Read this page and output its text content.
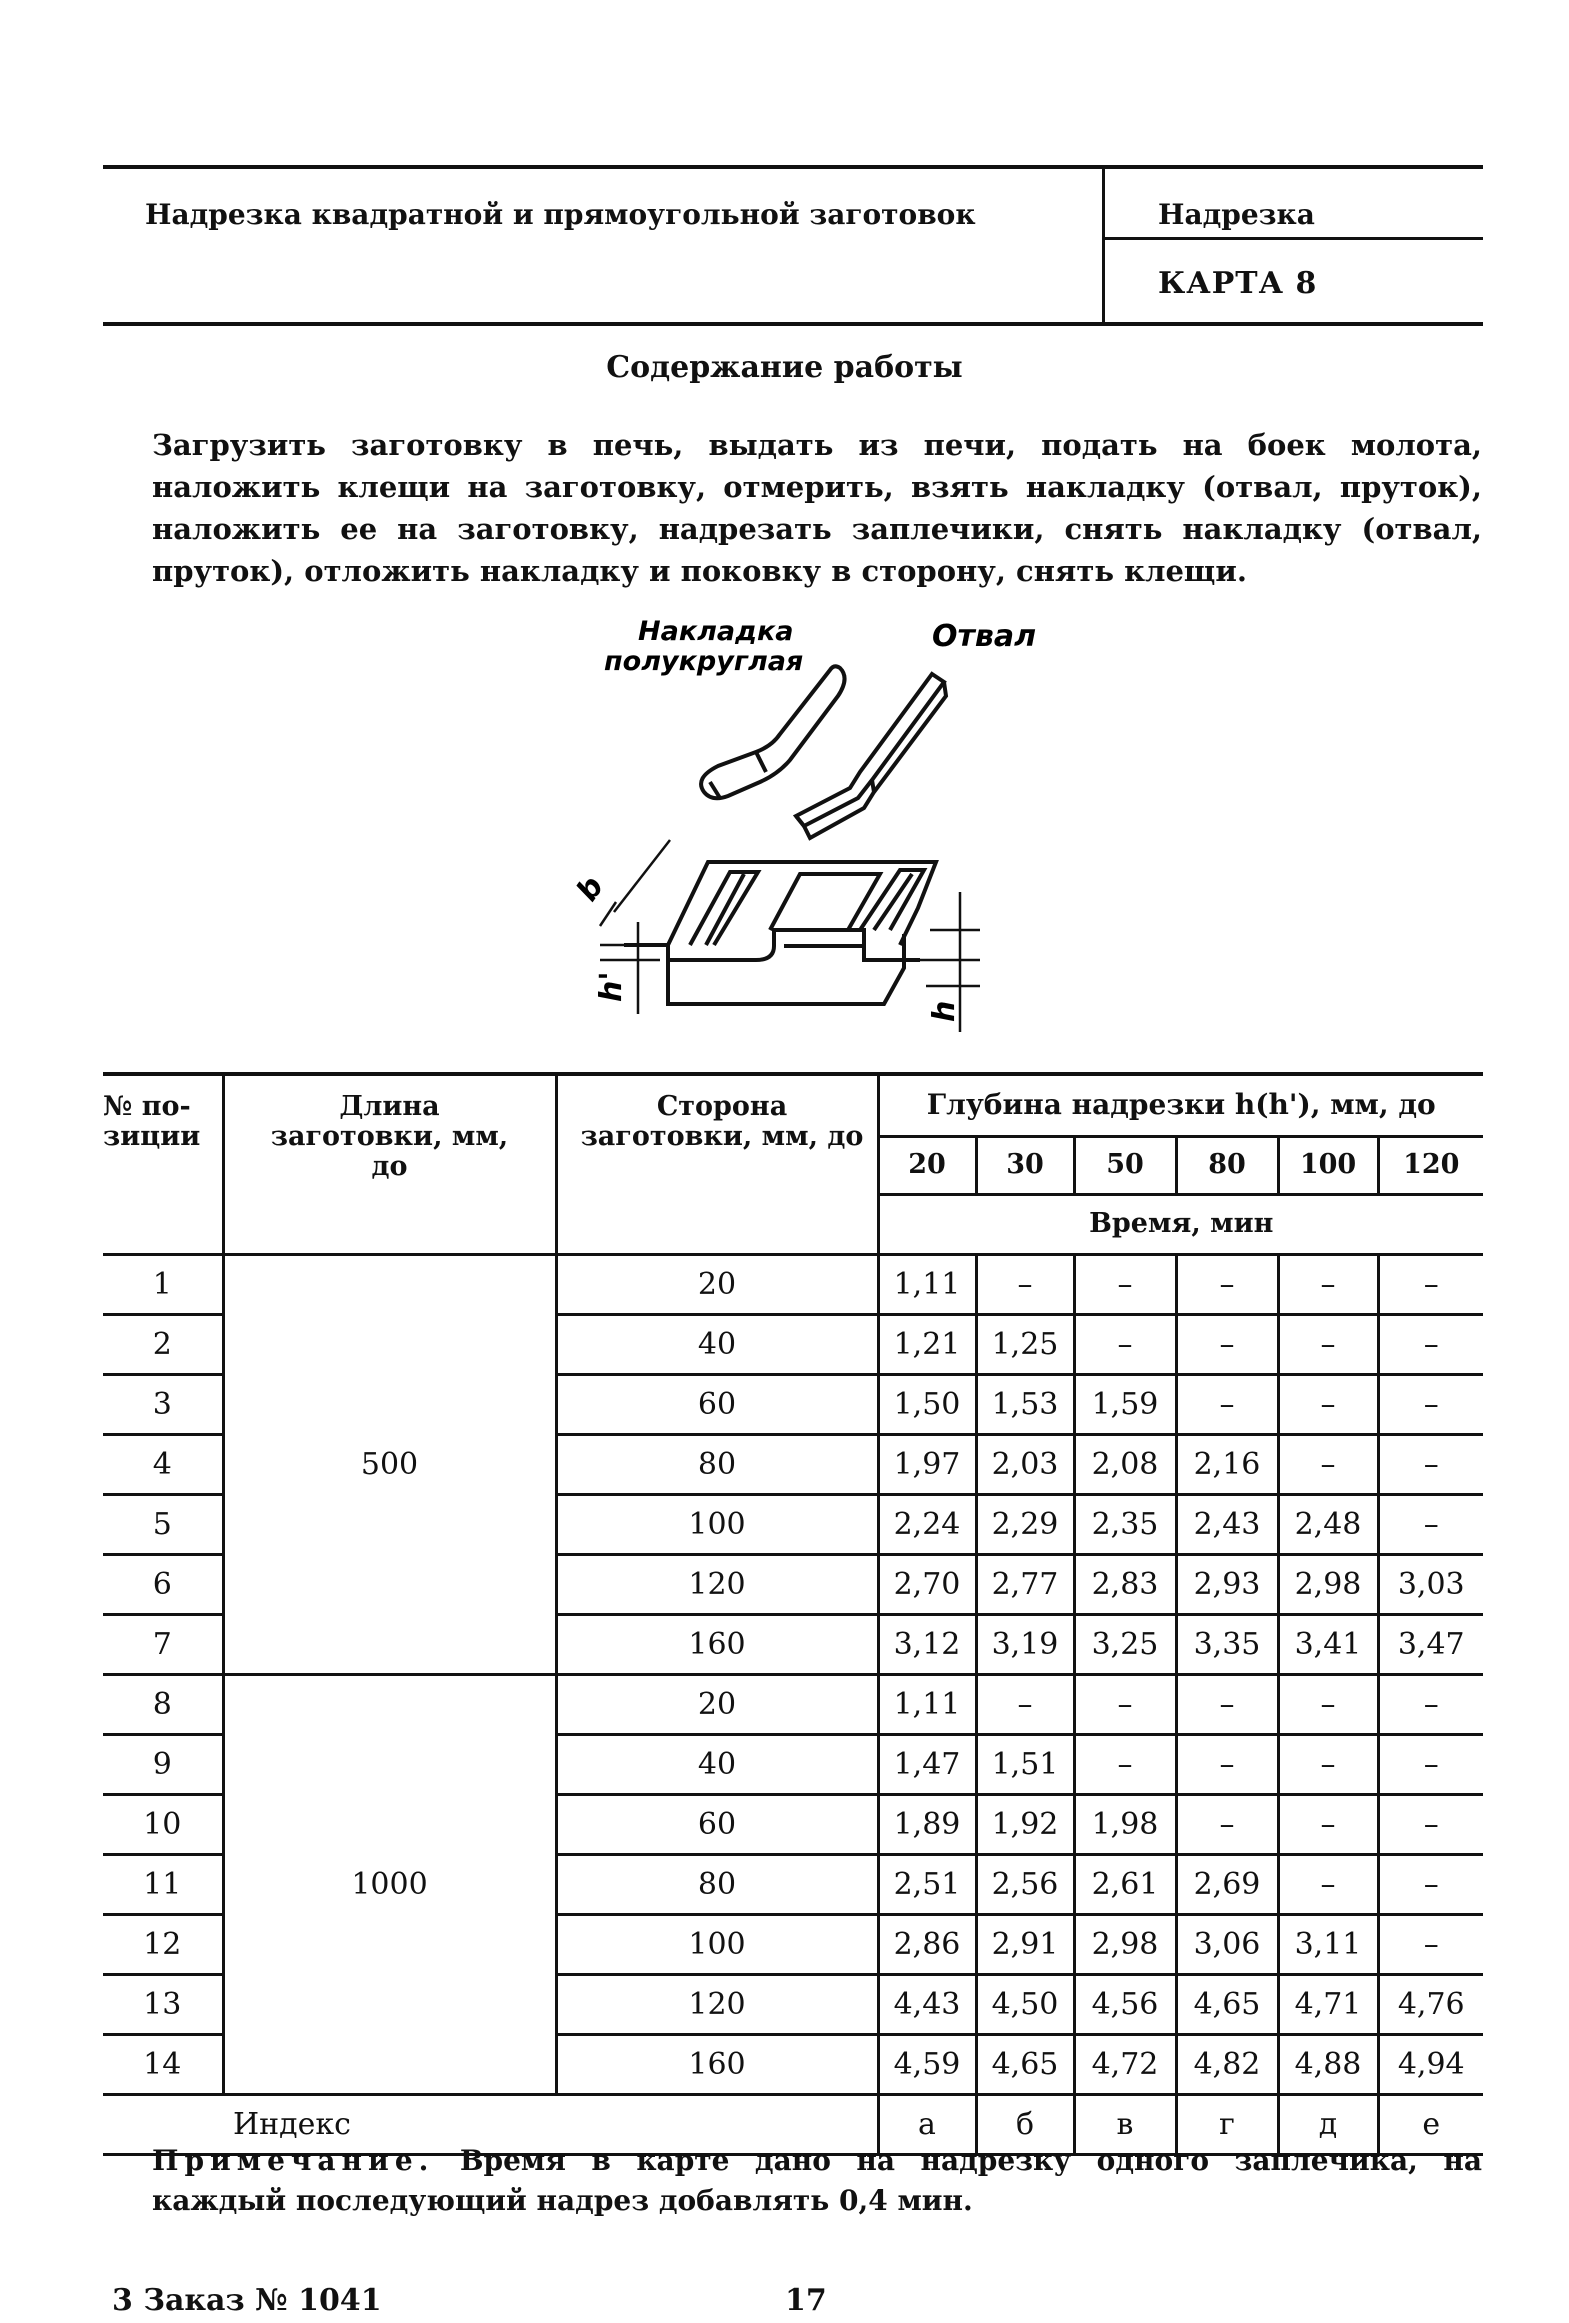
Надрезка квадратной и прямоугольной заготовок	Надрезка
КАРТА 8
Содержание работы
Загрузить заготовку в печь, выдать из печи, подать на боек молота, наложить клещи на заготовку, отмерить, взять накладку (отвал, пруток), наложить ее на заготовку, надрезать заплечики, снять накладку (отвал, пруток), отложить накладку и поковку в сторону, снять клещи.
Накладка
полукруглая
Отвал
b
h'
h
№ по-зиции	Длина заготовки, мм, до	Сторона заготовки, мм, до	Глубина надрезки h(h'), мм, до					
			20	30	50	80	100	120
			Время, мин					
1	500	20	1,11	–	–	–	–	–
2		40	1,21	1,25	–	–	–	–
3		60	1,50	1,53	1,59	–	–	–
4		80	1,97	2,03	2,08	2,16	–	–
5		100	2,24	2,29	2,35	2,43	2,48	–
6		120	2,70	2,77	2,83	2,93	2,98	3,03
7		160	3,12	3,19	3,25	3,35	3,41	3,47
8	1000	20	1,11	–	–	–	–	–
9		40	1,47	1,51	–	–	–	–
10		60	1,89	1,92	1,98	–	–	–
11		80	2,51	2,56	2,61	2,69	–	–
12		100	2,86	2,91	2,98	3,06	3,11	–
13		120	4,43	4,50	4,56	4,65	4,71	4,76
14		160	4,59	4,65	4,72	4,82	4,88	4,94
Индекс			а	б	в	г	д	е
Примечание. Время в карте дано на надрезку одного заплечика, на каждый последующий надрез добавлять 0,4 мин.
3 Заказ № 1041	17
